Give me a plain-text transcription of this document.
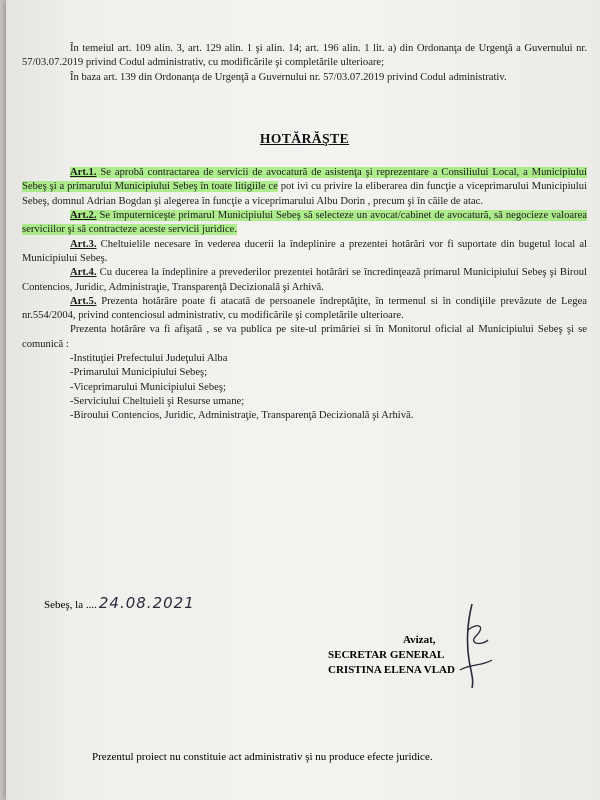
În temeiul art. 109 alin. 3, art. 129 alin. 1 şi alin. 14; art. 196 alin. 1 lit. a) din Ordonanţa de Urgenţă a Guvernului nr. 57/03.07.2019 privind Codul administrativ, cu modificările şi completările ulterioare;

În baza art. 139 din Ordonanţa de Urgenţă a Guvernului nr. 57/03.07.2019 privind Codul administrativ.

HOTĂRĂŞTE

Art.1. Se aprobă contractarea de servicii de avocatură de asistenţa şi reprezentare a Consiliului Local, a Municipiului Sebeş şi a primarului Municipiului Sebeş în toate litigiile ce pot ivi cu privire la eliberarea din funcţie a viceprimarului Municipiului Sebeş, domnul Adrian Bogdan şi alegerea în funcţie a viceprimarului Albu Dorin , precum şi în căile de atac.

Art.2. Se împuterniceşte primarul Municipiului Sebeş să selecteze un avocat/cabinet de avocatură, să negocieze valoarea serviciilor şi să contracteze aceste servicii juridice.

Art.3. Cheltuielile necesare în vederea ducerii la îndeplinire a prezentei hotărâri vor fi suportate din bugetul local al Municipiului Sebeş.

Art.4. Cu ducerea la îndeplinire a prevederilor prezentei hotărâri se încredinţează primarul Municipiului Sebeş şi Biroul Contencios, Juridic, Administraţie, Transparenţă Decizională şi Arhivă.

Art.5. Prezenta hotărâre poate fi atacată de persoanele îndreptăţite, în termenul si în condiţiile prevăzute de Legea nr.554/2004, privind contenciosul administrativ, cu modificările şi completările ulterioare.

Prezenta hotărâre va fi afişată , se va publica pe site-ul primăriei si în Monitorul oficial al Municipiului Sebeş şi se comunică :

-Instituţiei Prefectului Judeţului Alba

-Primarului Municipiului Sebeş;

-Viceprimarului Municipiului Sebeş;

-Serviciului Cheltuieli şi Resurse umane;

-Biroului Contencios, Juridic, Administraţie, Transparenţă Decizională şi Arhivă.

Sebeş, la .... 24.08.2021
Avizat,
SECRETAR GENERAL
CRISTINA ELENA VLAD
Prezentul proiect nu constituie act administrativ şi nu produce efecte juridice.
